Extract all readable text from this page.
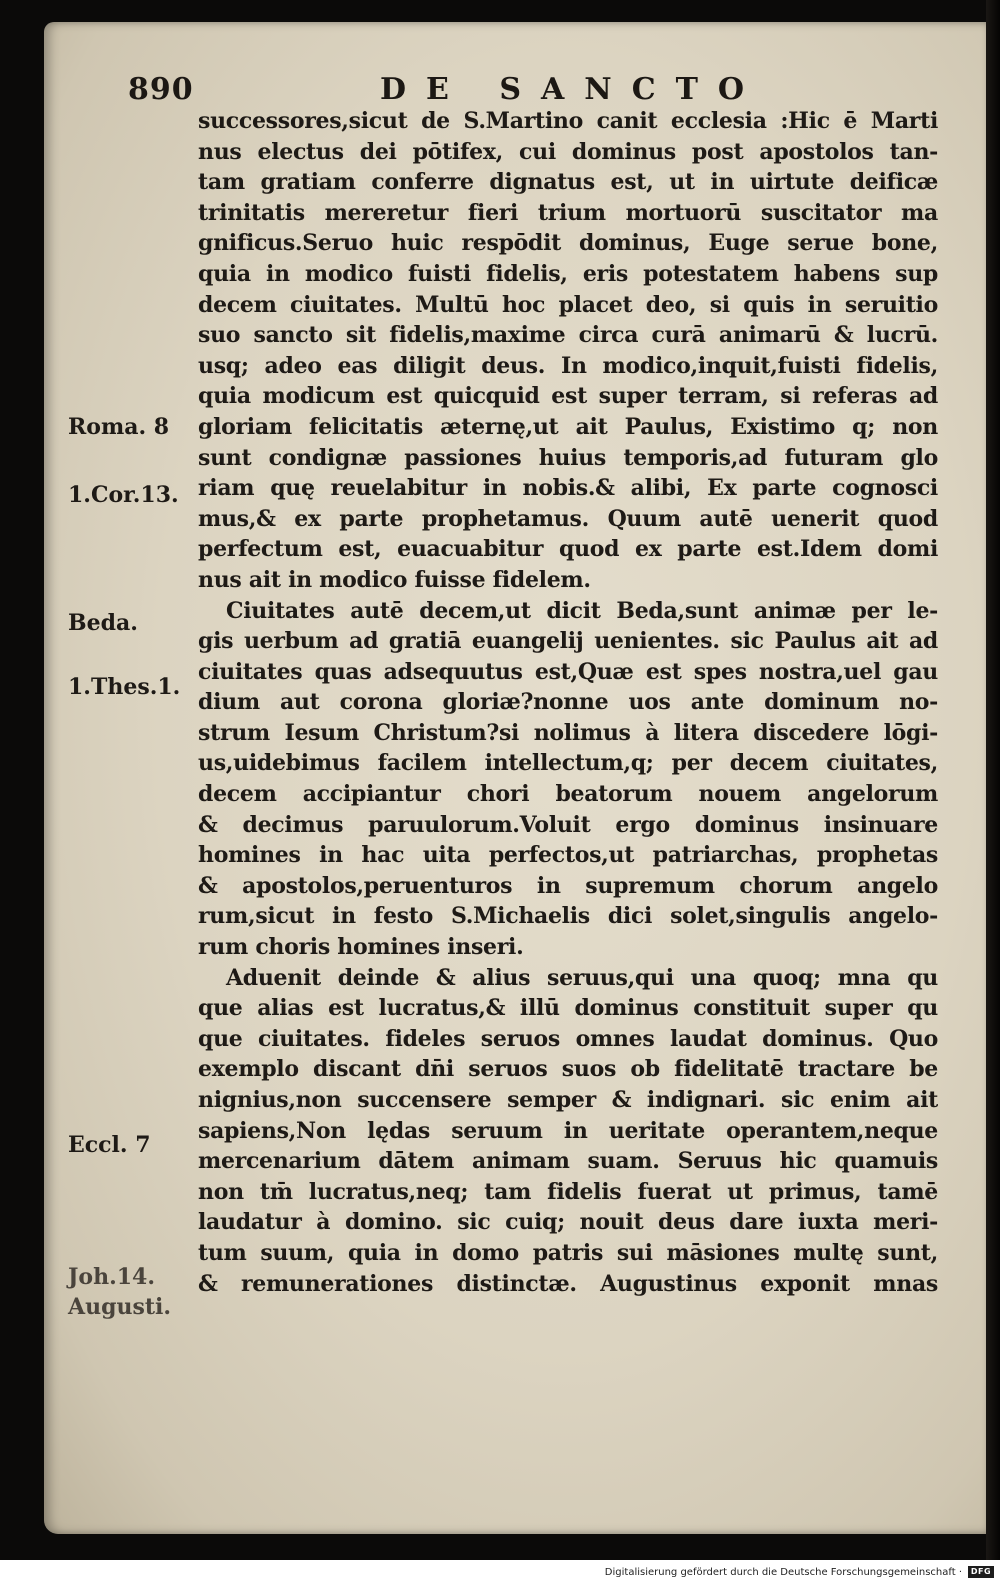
890	DE SANCTO
successores,sicut de S.Martino canit ecclesia :Hic ē Marti
nus electus dei pōtifex, cui dominus post apostolos tan-
tam gratiam conferre dignatus est, ut in uirtute deificæ
trinitatis mereretur fieri trium mortuorū suscitator ma
gnificus.Seruo huic respōdit dominus, Euge serue bone,
quia in modico fuisti fidelis, eris potestatem habens sup
decem ciuitates. Multū hoc placet deo, si quis in seruitio
suo sancto sit fidelis,maxime circa curā animarū & lucrū.
usq; adeo eas diligit deus. In modico,inquit,fuisti fidelis,
quia modicum est quicquid est super terram, si referas ad
gloriam felicitatis æternę,ut ait Paulus, Existimo q; non
sunt condignæ passiones huius temporis,ad futuram glo
riam quę reuelabitur in nobis.& alibi, Ex parte cognosci
mus,& ex parte prophetamus. Quum autē uenerit quod
perfectum est, euacuabitur quod ex parte est.Idem domi
nus ait in modico fuisse fidelem.
Ciuitates autē decem,ut dicit Beda,sunt animæ per le-
gis uerbum ad gratiā euangelij uenientes. sic Paulus ait ad
ciuitates quas adsequutus est,Quæ est spes nostra,uel gau
dium aut corona gloriæ?nonne uos ante dominum no-
strum Iesum Christum?si nolimus à litera discedere lōgi-
us,uidebimus facilem intellectum,q; per decem ciuitates,
decem accipiantur chori beatorum nouem angelorum
& decimus paruulorum.Voluit ergo dominus insinuare
homines in hac uita perfectos,ut patriarchas, prophetas
& apostolos,peruenturos in supremum chorum angelo
rum,sicut in festo S.Michaelis dici solet,singulis angelo-
rum choris homines inseri.
Aduenit deinde & alius seruus,qui una quoq; mna qu
que alias est lucratus,& illū dominus constituit super qu
que ciuitates. fideles seruos omnes laudat dominus. Quo
exemplo discant dn̄i seruos suos ob fidelitatē tractare be
nignius,non succensere semper & indignari. sic enim ait
sapiens,Non lędas seruum in ueritate operantem,neque
mercenarium dātem animam suam. Seruus hic quamuis
non tm̄ lucratus,neq; tam fidelis fuerat ut primus, tamē
laudatur à domino. sic cuiq; nouit deus dare iuxta meri-
tum suum, quia in domo patris sui māsiones multę sunt,
& remunerationes distinctæ. Augustinus exponit mnas
Roma. 8
1.Cor.13.
Beda.
1.Thes.1.
Eccl. 7
Joh.14.
Augusti.
Digitalisierung gefördert durch die Deutsche Forschungsgemeinschaft ·	DFG
